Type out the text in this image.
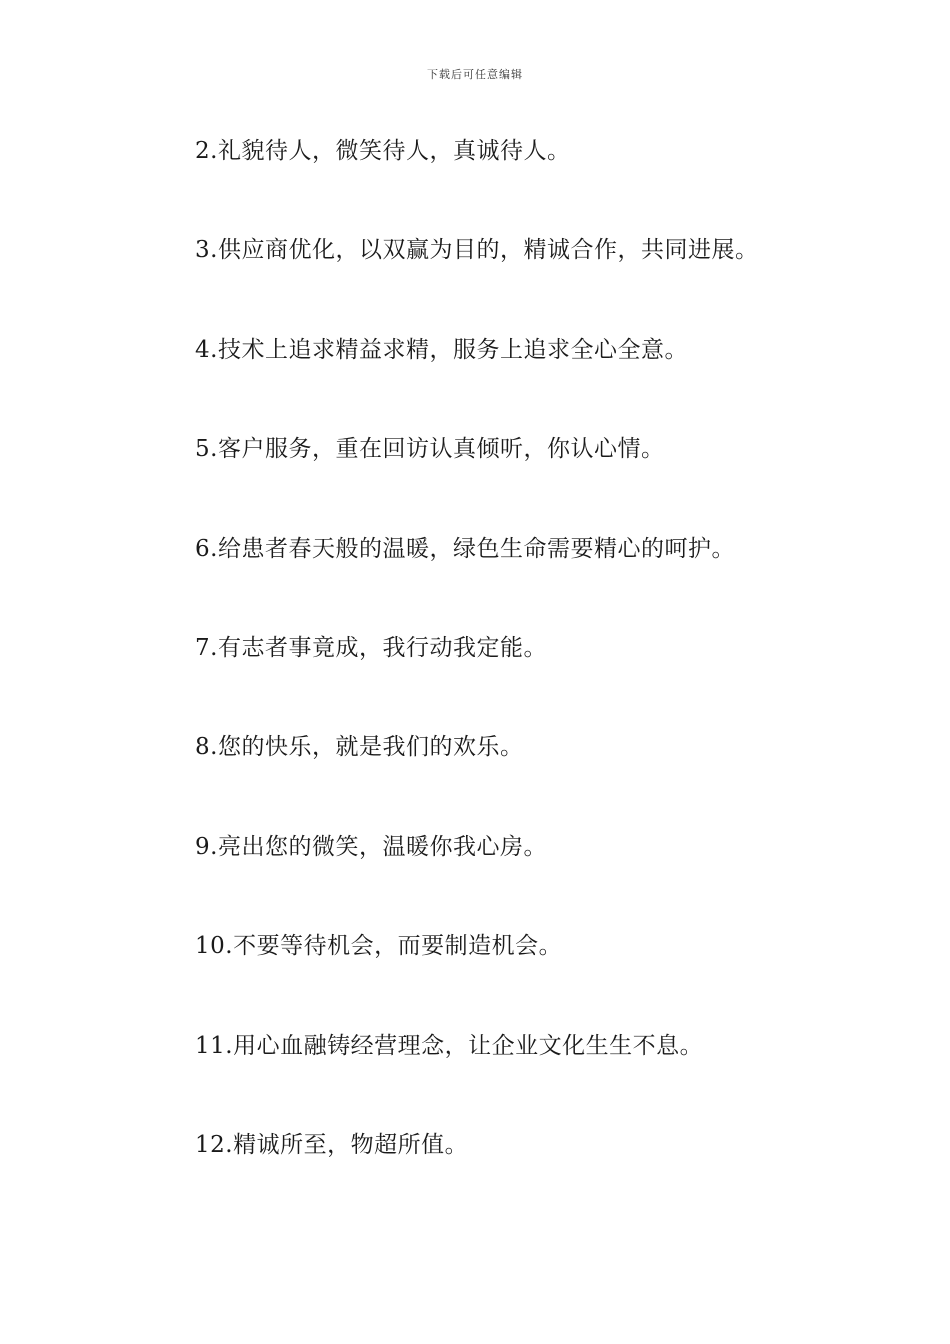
下载后可任意编辑
2.礼貌待人，微笑待人，真诚待人。
3.供应商优化，以双赢为目的，精诚合作，共同进展。
4.技术上追求精益求精，服务上追求全心全意。
5.客户服务，重在回访认真倾听，你认心情。
6.给患者春天般的温暖，绿色生命需要精心的呵护。
7.有志者事竟成，我行动我定能。
8.您的快乐，就是我们的欢乐。
9.亮出您的微笑，温暖你我心房。
10.不要等待机会，而要制造机会。
11.用心血融铸经营理念，让企业文化生生不息。
12.精诚所至，物超所值。
